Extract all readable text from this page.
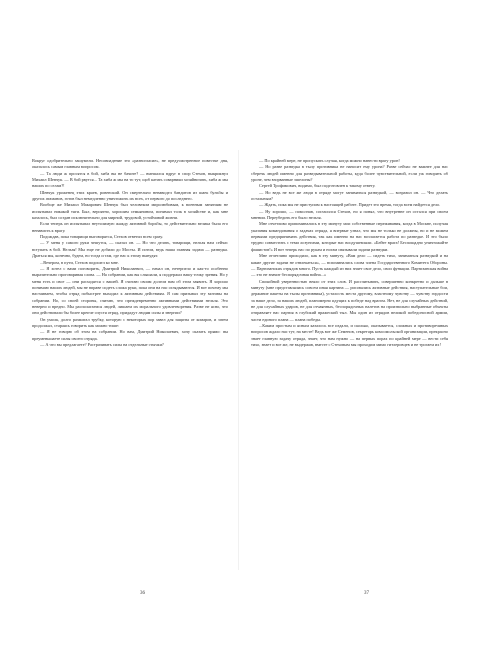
Вокруг одобрительно зашумели. Несовпадение это «разногласие», не предусмотренное повестке дня, оказалось самым главным вопросом.

— Та люди ж просятся в бой, хиба вы не бачите? — вмешался вдруг в спор Стехов, выкрикнул Михаил Шевчук. — В бой рвутся... Та хиба ж мы на то тут, щоб катать соварники хозяйничать, хиба ж мы наших по селам?!

Шевчук уроженец этих краев, ровенский. Он смертельно ненавидел бандитов из шаек бульбы и других атаманов, готов был немедленно уничтожить их всех, от первого до последнего.

Вообще же Михаил Макарович Шевчук был человеком миролюбивым, к военным занятиям не испытывал никакой тяги. Был, вероятно, хорошим семьянином, понимал толк в хозяйстве и, как мне казалось, был создан исключительно для мирной, трудовой, устойчивой жизни.

Если теперь он испытывал неутолимую жажду активной борьбы, то действительно велика была его ненависть к врагу.

Подождав, пока товарищи выговорятся, Стехов ответил всем сразу.

— У меня у самого руки чешутся, — сказал он. — Но что делать, товарищи, нельзя нам сейчас вступать в бой. Нельзя! Мы еще не добили до Мосты. И потом, ведь наша главная задача — разведка. Драться мы, конечно, будем, но тогда и там, где нас к этому вынудят.

...Вечером, в пути, Стехов подошел ко мне.

— Я хотел с вами поговорить, Дмитрий Николаевич, — начал он, нетерпело и как-то особенно выразительно проговаривая слова. — На собрании, как вы слышали, я поддержал вашу точку зрения. Но у меня есть и свое — они расходятся с вашей. Я считаю своим долгом вам об этом заявить. Я хорошо понимаю наших людей, мы не вправе сидеть сложа руки, пока они на нас оглядываются. И вот почему мы настаиваем, чтобы отряд побыстрее выходил к активным действиям. Я сам призывал эту мотивы на собрании. Но, со своей стороны, считаю, что преждевременно активными действиями нельзя. Это неверно и вредно. Мы располагаемся людей, лишаем их морального удовлетворения. Разве не ясно, что они действовали бы более крепче спустя отряд, придадут людям силы и энергии?

Он умолк, долго разжигал трубку, которую с некоторых пор завел для защиты от комаров, и затем продолжал, стараясь говорить как можно тише:

— Я не говорю об этом на собрании. Но вам, Дмитрий Николаевич, хочу сказать прямо: вы преуменьшаете силы своего отряда.

— А что вы предлагаете? Растрачивать силы на отдельные стычки?

— По крайней мере, не пропускать случая, когда можно нанести врагу урон!

— Но разве разведка в тылу противника не наносит ему урона? Разве сейчас не важнее для нас сберечь людей именно для разведывательной работы, куда более чувствительной, если уж говорить об уроне, чем взорванные эшелоны?

Сергей Трофимович, видимо, был подготовлен к такому ответу.

— Но ведь не все же люди в отряде могут заниматься разведкой, — возразил он. — Что делать остальным?

— Ждать, пока мы не приступим к настоящей работе. Придет это время, тогда всем найдется дело.

— Ну хорошо, — помолчав, согласился Стехов, но я понял, что внутренне он остался при своем мнении. Переубедить его было нельзя.

Мне отчетливо припоминались в эту минуту мои собственные переживания, когда в Москве, получая указания командования о задачах отряда, я впервые узнал, что мы не только не должны, но и не можем первыми предпринимать действия, так как именно на нас возлагается работа по разведке. И это было трудно совместить с теми лозунгами, которые нас воодушевляли. «Бейте врага! Беспощадно уничтожайте фашистов!» И вот теперь нас по рукам и ногам связывали задачи разведки.

Мне отчетливо приходило, как в эту минуту, «Вам дело — сидеть тихо, заниматься разведкой и на какие другие задачи не отвлекаться», — вспоминались слова члена Государственного Комитета Обороны. — Партизанских отрядов много. Пусть каждый из них знает свое дело, свои функции. Партизанская война — это не значит беспорядочная война...»

Спокойной уверенностью веяло от этих слов. И рассчитывать, совершенно конкретно и дальше в минуту (мне представлялись совсем иная картина — рисовались активные действия, наступательные бои, держание пакеты на тылы противника), усталость места другому, властному чувству — чувству гордости за наше дело, за наших людей, планомерно идущих к победе над врагом. Нет, не для случайных действий, не для случайных ударов, не для отчаянных, беспорядочных налетов на произвольно выбранные объекты отправляет нас партия в глубокий вражеский тыл. Мы один из отрядов великой победоносной армии, части единого плана — плана победы.

...Каким простым и ясным казалось все издали, и сколько, оказывается, сложных и противоречивых вопросов ждало нас тут, на месте! Ведь вот же Семенов, секретарь комсомольской организации, прекрасно знает главную задачу отряда, знает, что нам нужно — на первых порах по крайней мере — вести себя тихо, знает и все же, не выдержав, вместе с Стеховым мы проходим мимо гитлеровцев и не трогаем их!

36	37
